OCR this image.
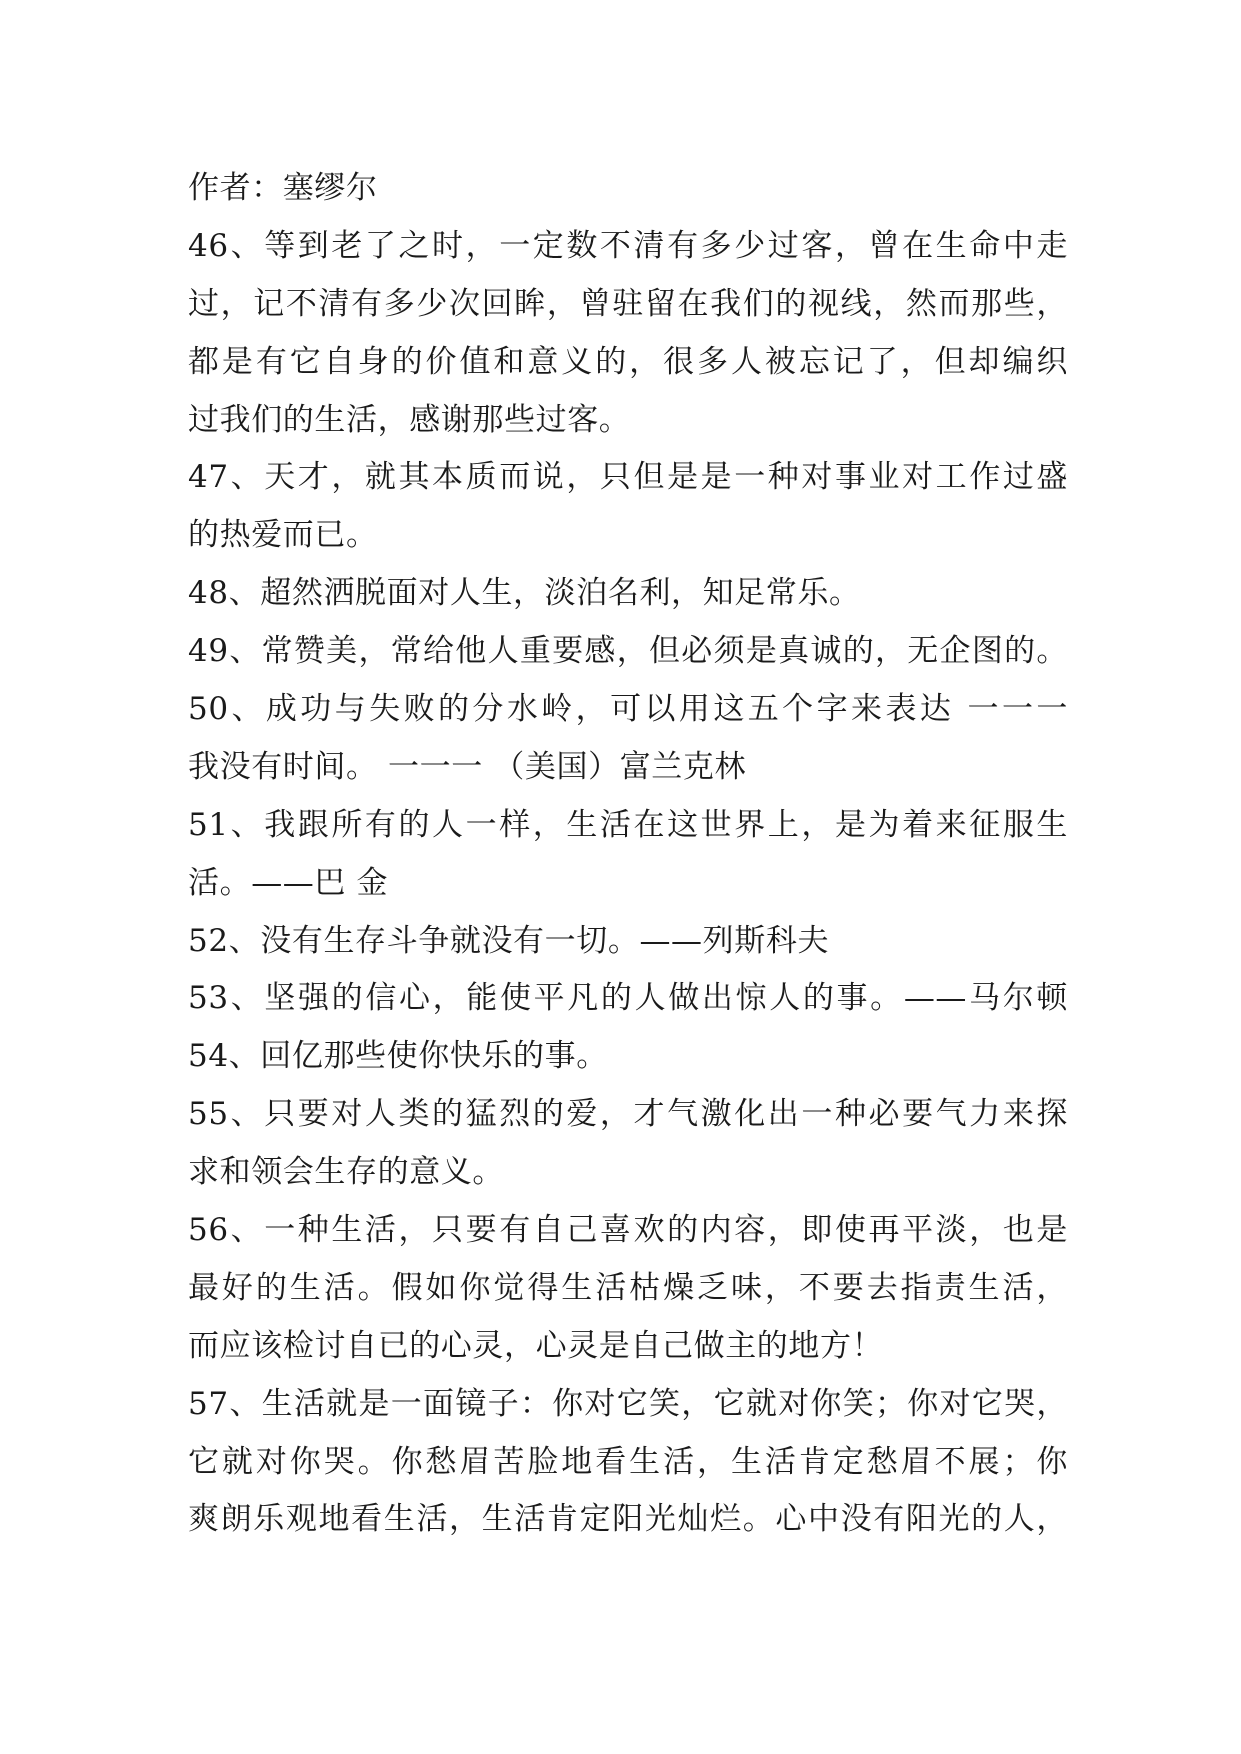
作者：塞缪尔
46、等到老了之时，一定数不清有多少过客，曾在生命中走
过，记不清有多少次回眸，曾驻留在我们的视线，然而那些，
都是有它自身的价值和意义的，很多人被忘记了，但却编织
过我们的生活，感谢那些过客。
47、天才，就其本质而说，只但是是一种对事业对工作过盛
的热爱而已。
48、超然洒脱面对人生，淡泊名利，知足常乐。
49、常赞美，常给他人重要感，但必须是真诚的，无企图的。
50、成功与失败的分水岭，可以用这五个字来表达 一一一
我没有时间。 一一一 （美国）富兰克林
51、我跟所有的人一样，生活在这世界上，是为着来征服生
活。——巴 金
52、没有生存斗争就没有一切。——列斯科夫
53、坚强的信心，能使平凡的人做出惊人的事。——马尔顿
54、回亿那些使你快乐的事。
55、只要对人类的猛烈的爱，才气激化出一种必要气力来探
求和领会生存的意义。
56、一种生活，只要有自己喜欢的内容，即使再平淡，也是
最好的生活。假如你觉得生活枯燥乏味，不要去指责生活，
而应该检讨自已的心灵，心灵是自己做主的地方！
57、生活就是一面镜子：你对它笑，它就对你笑；你对它哭，
它就对你哭。你愁眉苦脸地看生活，生活肯定愁眉不展；你
爽朗乐观地看生活，生活肯定阳光灿烂。心中没有阳光的人，
